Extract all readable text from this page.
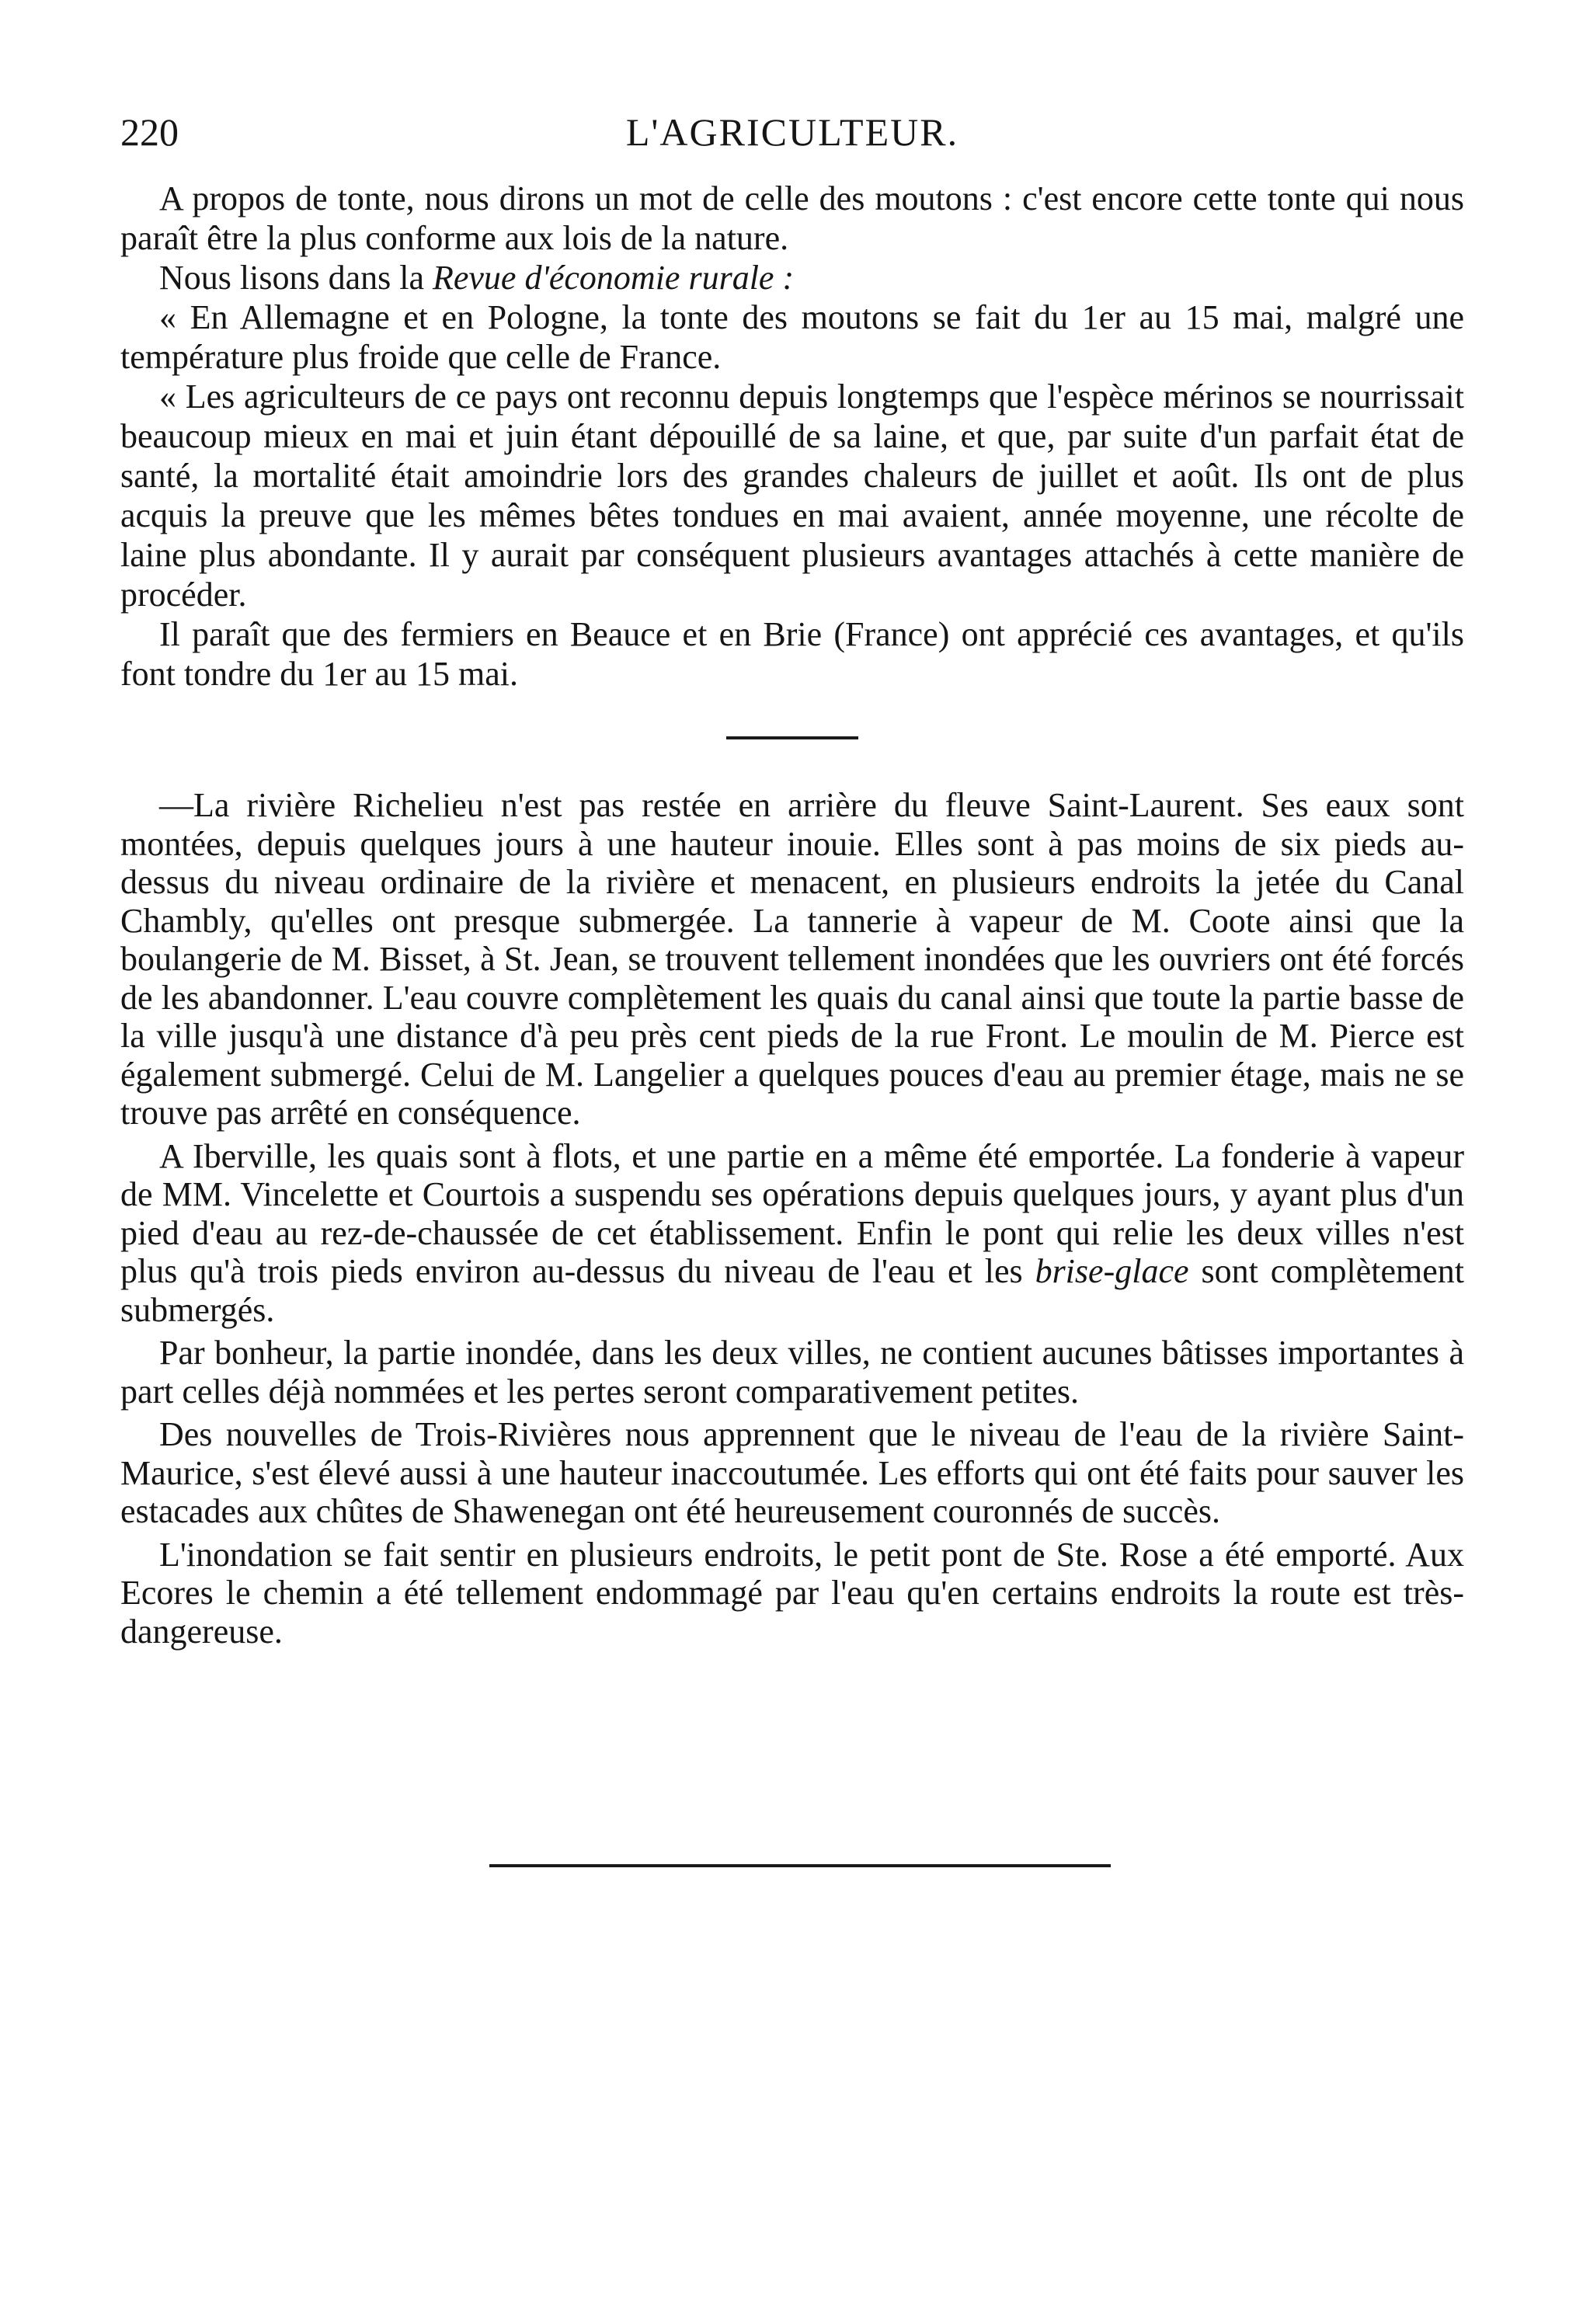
220	L'AGRICULTEUR.

A propos de tonte, nous dirons un mot de celle des moutons : c'est encore cette tonte qui nous paraît être la plus conforme aux lois de la nature.

Nous lisons dans la Revue d'économie rurale :

« En Allemagne et en Pologne, la tonte des moutons se fait du 1er au 15 mai, malgré une température plus froide que celle de France.

« Les agriculteurs de ce pays ont reconnu depuis longtemps que l'espèce mérinos se nourrissait beaucoup mieux en mai et juin étant dépouillé de sa laine, et que, par suite d'un parfait état de santé, la mortalité était amoindrie lors des grandes chaleurs de juillet et août. Ils ont de plus acquis la preuve que les mêmes bêtes tondues en mai avaient, année moyenne, une récolte de laine plus abondante. Il y aurait par conséquent plusieurs avantages attachés à cette manière de procéder.

Il paraît que des fermiers en Beauce et en Brie (France) ont apprécié ces avantages, et qu'ils font tondre du 1er au 15 mai.

—La rivière Richelieu n'est pas restée en arrière du fleuve Saint-Laurent. Ses eaux sont montées, depuis quelques jours à une hauteur inouie. Elles sont à pas moins de six pieds au-dessus du niveau ordinaire de la rivière et menacent, en plusieurs endroits la jetée du Canal Chambly, qu'elles ont presque submergée. La tannerie à vapeur de M. Coote ainsi que la boulangerie de M. Bisset, à St. Jean, se trouvent tellement inondées que les ouvriers ont été forcés de les abandonner. L'eau couvre complètement les quais du canal ainsi que toute la partie basse de la ville jusqu'à une distance d'à peu près cent pieds de la rue Front. Le moulin de M. Pierce est également submergé. Celui de M. Langelier a quelques pouces d'eau au premier étage, mais ne se trouve pas arrêté en conséquence.

A Iberville, les quais sont à flots, et une partie en a même été emportée. La fonderie à vapeur de MM. Vincelette et Courtois a suspendu ses opérations depuis quelques jours, y ayant plus d'un pied d'eau au rez-de-chaussée de cet établissement. Enfin le pont qui relie les deux villes n'est plus qu'à trois pieds environ au-dessus du niveau de l'eau et les brise-glace sont complètement submergés.

Par bonheur, la partie inondée, dans les deux villes, ne contient aucunes bâtisses importantes à part celles déjà nommées et les pertes seront comparativement petites.

Des nouvelles de Trois-Rivières nous apprennent que le niveau de l'eau de la rivière Saint-Maurice, s'est élevé aussi à une hauteur inaccoutumée. Les efforts qui ont été faits pour sauver les estacades aux chûtes de Shawenegan ont été heureusement couronnés de succès.

L'inondation se fait sentir en plusieurs endroits, le petit pont de Ste. Rose a été emporté. Aux Ecores le chemin a été tellement endommagé par l'eau qu'en certains endroits la route est très-dangereuse.
